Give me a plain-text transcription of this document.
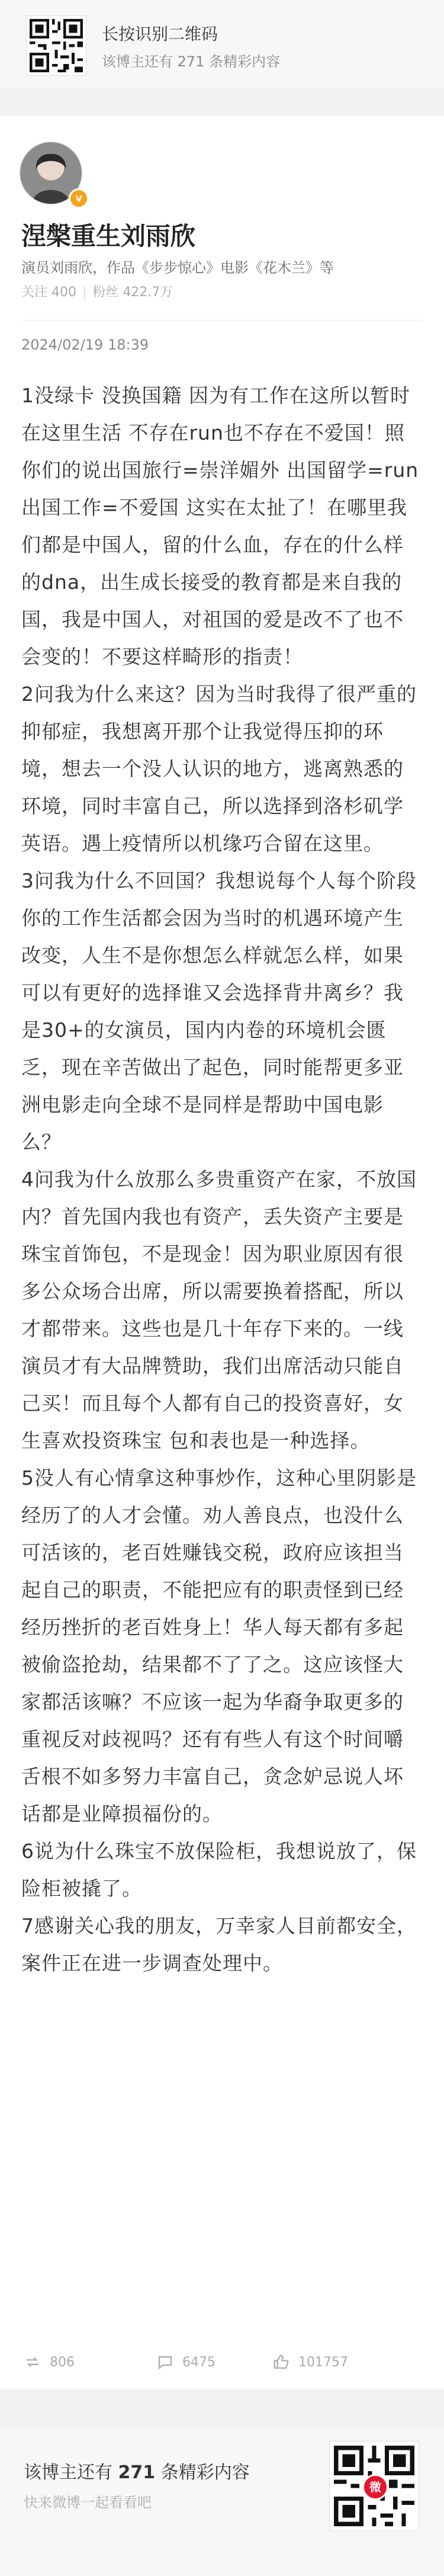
长按识别二维码
该博主还有 271 条精彩内容
v
涅槃重生刘雨欣
演员刘雨欣，作品《步步惊心》电影《花木兰》等
关注 400 | 粉丝 422.7万
2024/02/19 18:39

1没绿卡 没换国籍 因为有工作在这所以暂时在这里生活 不存在run也不存在不爱国！照你们的说出国旅行=崇洋媚外 出国留学=run 出国工作=不爱国 这实在太扯了！在哪里我们都是中国人，留的什么血，存在的什么样的dna，出生成长接受的教育都是来自我的国，我是中国人，对祖国的爱是改不了也不会变的！不要这样畸形的指责！

2问我为什么来这？因为当时我得了很严重的抑郁症，我想离开那个让我觉得压抑的环境，想去一个没人认识的地方，逃离熟悉的环境，同时丰富自己，所以选择到洛杉矶学英语。遇上疫情所以机缘巧合留在这里。

3问我为什么不回国？我想说每个人每个阶段你的工作生活都会因为当时的机遇环境产生改变，人生不是你想怎么样就怎么样，如果可以有更好的选择谁又会选择背井离乡？我是30+的女演员，国内内卷的环境机会匮乏，现在辛苦做出了起色，同时能帮更多亚洲电影走向全球不是同样是帮助中国电影么？

4问我为什么放那么多贵重资产在家，不放国内？首先国内我也有资产，丢失资产主要是珠宝首饰包，不是现金！因为职业原因有很多公众场合出席，所以需要换着搭配，所以才都带来。这些也是几十年存下来的。一线演员才有大品牌赞助，我们出席活动只能自己买！而且每个人都有自己的投资喜好，女生喜欢投资珠宝 包和表也是一种选择。

5没人有心情拿这种事炒作，这种心里阴影是经历了的人才会懂。劝人善良点，也没什么可活该的，老百姓赚钱交税，政府应该担当起自己的职责，不能把应有的职责怪到已经经历挫折的老百姓身上！华人每天都有多起被偷盗抢劫，结果都不了了之。这应该怪大家都活该嘛？不应该一起为华裔争取更多的重视反对歧视吗？还有有些人有这个时间嚼舌根不如多努力丰富自己，贪念妒忌说人坏话都是业障损福份的。

6说为什么珠宝不放保险柜，我想说放了，保险柜被撬了。

7感谢关心我的朋友，万幸家人目前都安全，案件正在进一步调查处理中。

806	6475	101757
该博主还有 271 条精彩内容
快来微博一起看看吧
微
